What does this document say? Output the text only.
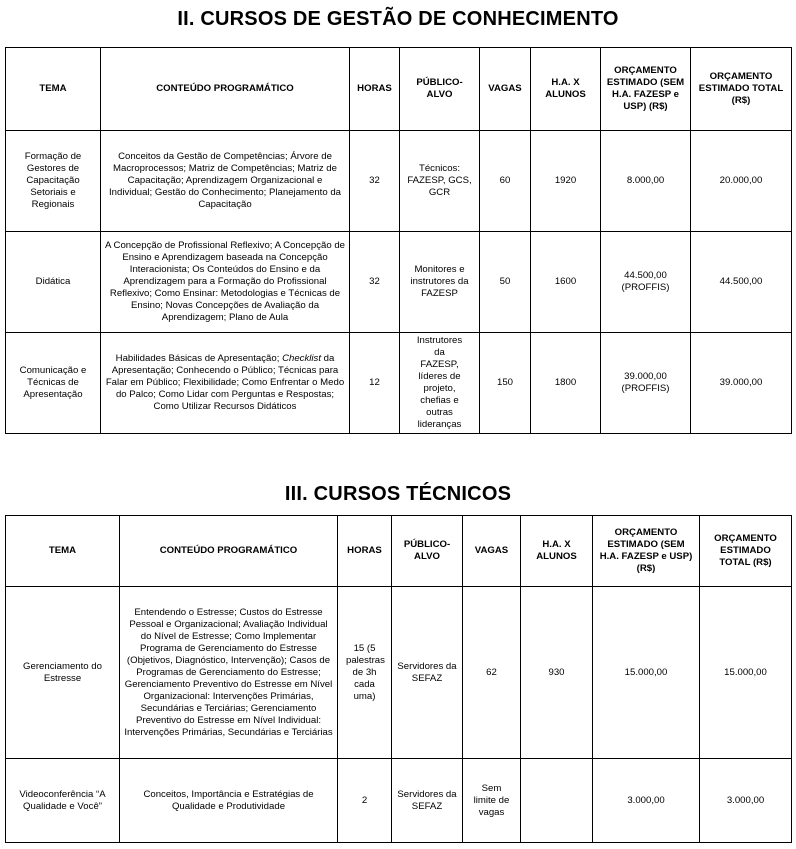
II. CURSOS DE GESTÃO DE CONHECIMENTO
TEMA	CONTEÚDO PROGRAMÁTICO	HORAS	PÚBLICO-ALVO	VAGAS	H.A. X ALUNOS	ORÇAMENTO ESTIMADO (SEM H.A. FAZESP e USP) (R$)	ORÇAMENTO ESTIMADO TOTAL (R$)
Formação de Gestores de Capacitação Setoriais e Regionais	Conceitos da Gestão de Competências; Árvore de Macroprocessos; Matriz de Competências; Matriz de Capacitação; Aprendizagem Organizacional e Individual; Gestão do Conhecimento; Planejamento da Capacitação	32	Técnicos: FAZESP, GCS, GCR	60	1920	8.000,00	20.000,00
Didática	A Concepção de Profissional Reflexivo; A Concepção de Ensino e Aprendizagem baseada na Concepção Interacionista; Os Conteúdos do Ensino e da Aprendizagem para a Formação do Profissional Reflexivo; Como Ensinar: Metodologias e Técnicas de Ensino; Novas Concepções de Avaliação da Aprendizagem; Plano de Aula	32	Monitores e instrutores da FAZESP	50	1600	44.500,00 (PROFFIS)	44.500,00
Comunicação e Técnicas de Apresentação	Habilidades Básicas de Apresentação; Checklist da Apresentação; Conhecendo o Público; Técnicas para Falar em Público; Flexibilidade; Como Enfrentar o Medo do Palco; Como Lidar com Perguntas e Respostas; Como Utilizar Recursos Didáticos	12	Instrutores da FAZESP, líderes de projeto, chefias e outras lideranças	150	1800	39.000,00 (PROFFIS)	39.000,00
III. CURSOS TÉCNICOS
TEMA	CONTEÚDO PROGRAMÁTICO	HORAS	PÚBLICO-ALVO	VAGAS	H.A. X ALUNOS	ORÇAMENTO ESTIMADO (SEM H.A. FAZESP e USP) (R$)	ORÇAMENTO ESTIMADO TOTAL (R$)
Gerenciamento do Estresse	Entendendo o Estresse; Custos do Estresse Pessoal e Organizacional; Avaliação Individual do Nível de Estresse; Como Implementar Programa de Gerenciamento do Estresse (Objetivos, Diagnóstico, Intervenção); Casos de Programas de Gerenciamento do Estresse; Gerenciamento Preventivo do Estresse em Nível Organizacional: Intervenções Primárias, Secundárias e Terciárias; Gerenciamento Preventivo do Estresse em Nível Individual: Intervenções Primárias, Secundárias e Terciárias	15 (5 palestras de 3h cada uma)	Servidores da SEFAZ	62	930	15.000,00	15.000,00
Videoconferência “A Qualidade e Você”	Conceitos, Importância e Estratégias de Qualidade e Produtividade	2	Servidores da SEFAZ	Sem limite de vagas		3.000,00	3.000,00
